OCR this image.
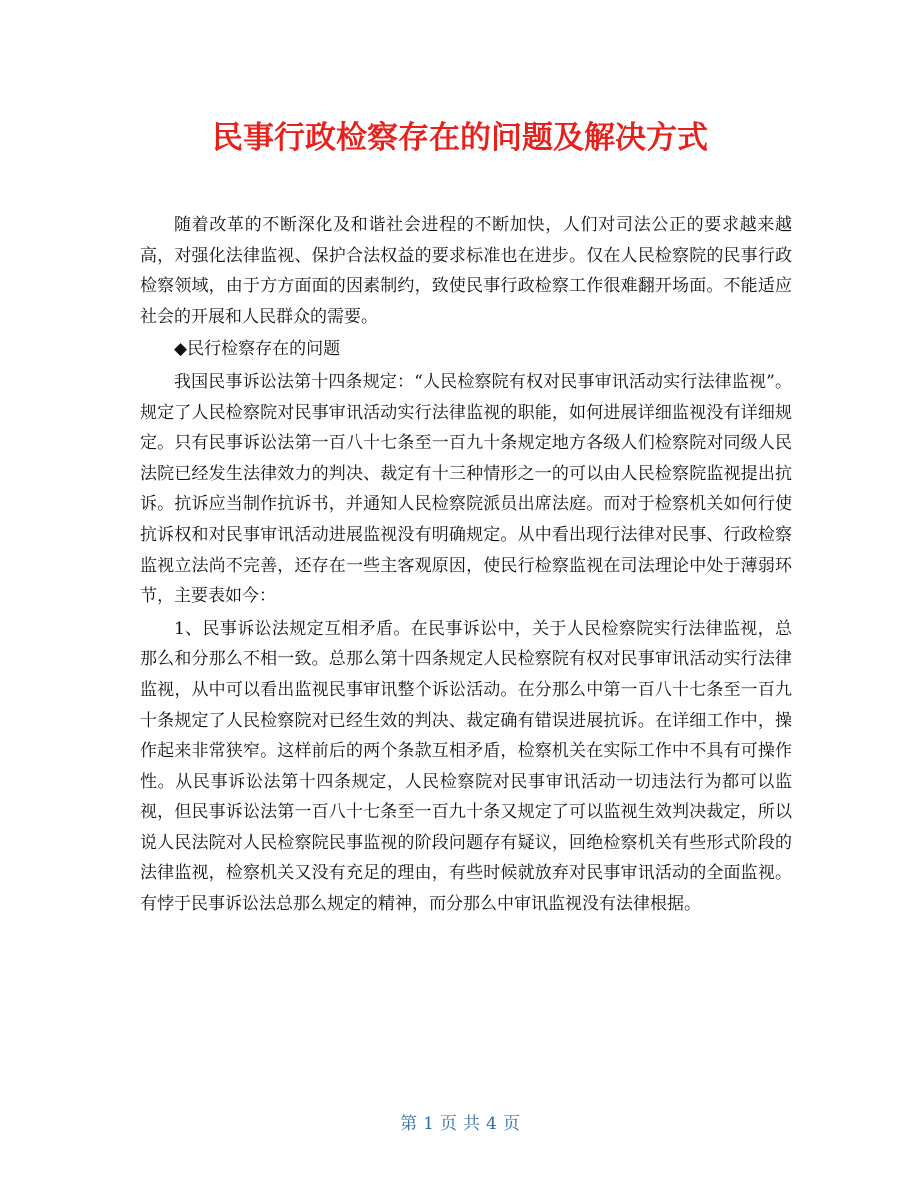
民事行政检察存在的问题及解决方式

随着改革的不断深化及和谐社会进程的不断加快，人们对司法公正的要求越来越高，对强化法律监视、保护合法权益的要求标准也在进步。仅在人民检察院的民事行政检察领域，由于方方面面的因素制约，致使民事行政检察工作很难翻开场面。不能适应社会的开展和人民群众的需要。

◆民行检察存在的问题

我国民事诉讼法第十四条规定：“人民检察院有权对民事审讯活动实行法律监视”。规定了人民检察院对民事审讯活动实行法律监视的职能，如何进展详细监视没有详细规定。只有民事诉讼法第一百八十七条至一百九十条规定地方各级人们检察院对同级人民法院已经发生法律效力的判决、裁定有十三种情形之一的可以由人民检察院监视提出抗诉。抗诉应当制作抗诉书，并通知人民检察院派员出席法庭。而对于检察机关如何行使抗诉权和对民事审讯活动进展监视没有明确规定。从中看出现行法律对民事、行政检察监视立法尚不完善，还存在一些主客观原因，使民行检察监视在司法理论中处于薄弱环节，主要表如今：

1、民事诉讼法规定互相矛盾。在民事诉讼中，关于人民检察院实行法律监视，总那么和分那么不相一致。总那么第十四条规定人民检察院有权对民事审讯活动实行法律监视，从中可以看出监视民事审讯整个诉讼活动。在分那么中第一百八十七条至一百九十条规定了人民检察院对已经生效的判决、裁定确有错误进展抗诉。在详细工作中，操作起来非常狭窄。这样前后的两个条款互相矛盾，检察机关在实际工作中不具有可操作性。从民事诉讼法第十四条规定，人民检察院对民事审讯活动一切违法行为都可以监视，但民事诉讼法第一百八十七条至一百九十条又规定了可以监视生效判决裁定，所以说人民法院对人民检察院民事监视的阶段问题存有疑议，回绝检察机关有些形式阶段的法律监视，检察机关又没有充足的理由，有些时候就放弃对民事审讯活动的全面监视。有悖于民事诉讼法总那么规定的精神，而分那么中审讯监视没有法律根据。

第 1 页 共 4 页
